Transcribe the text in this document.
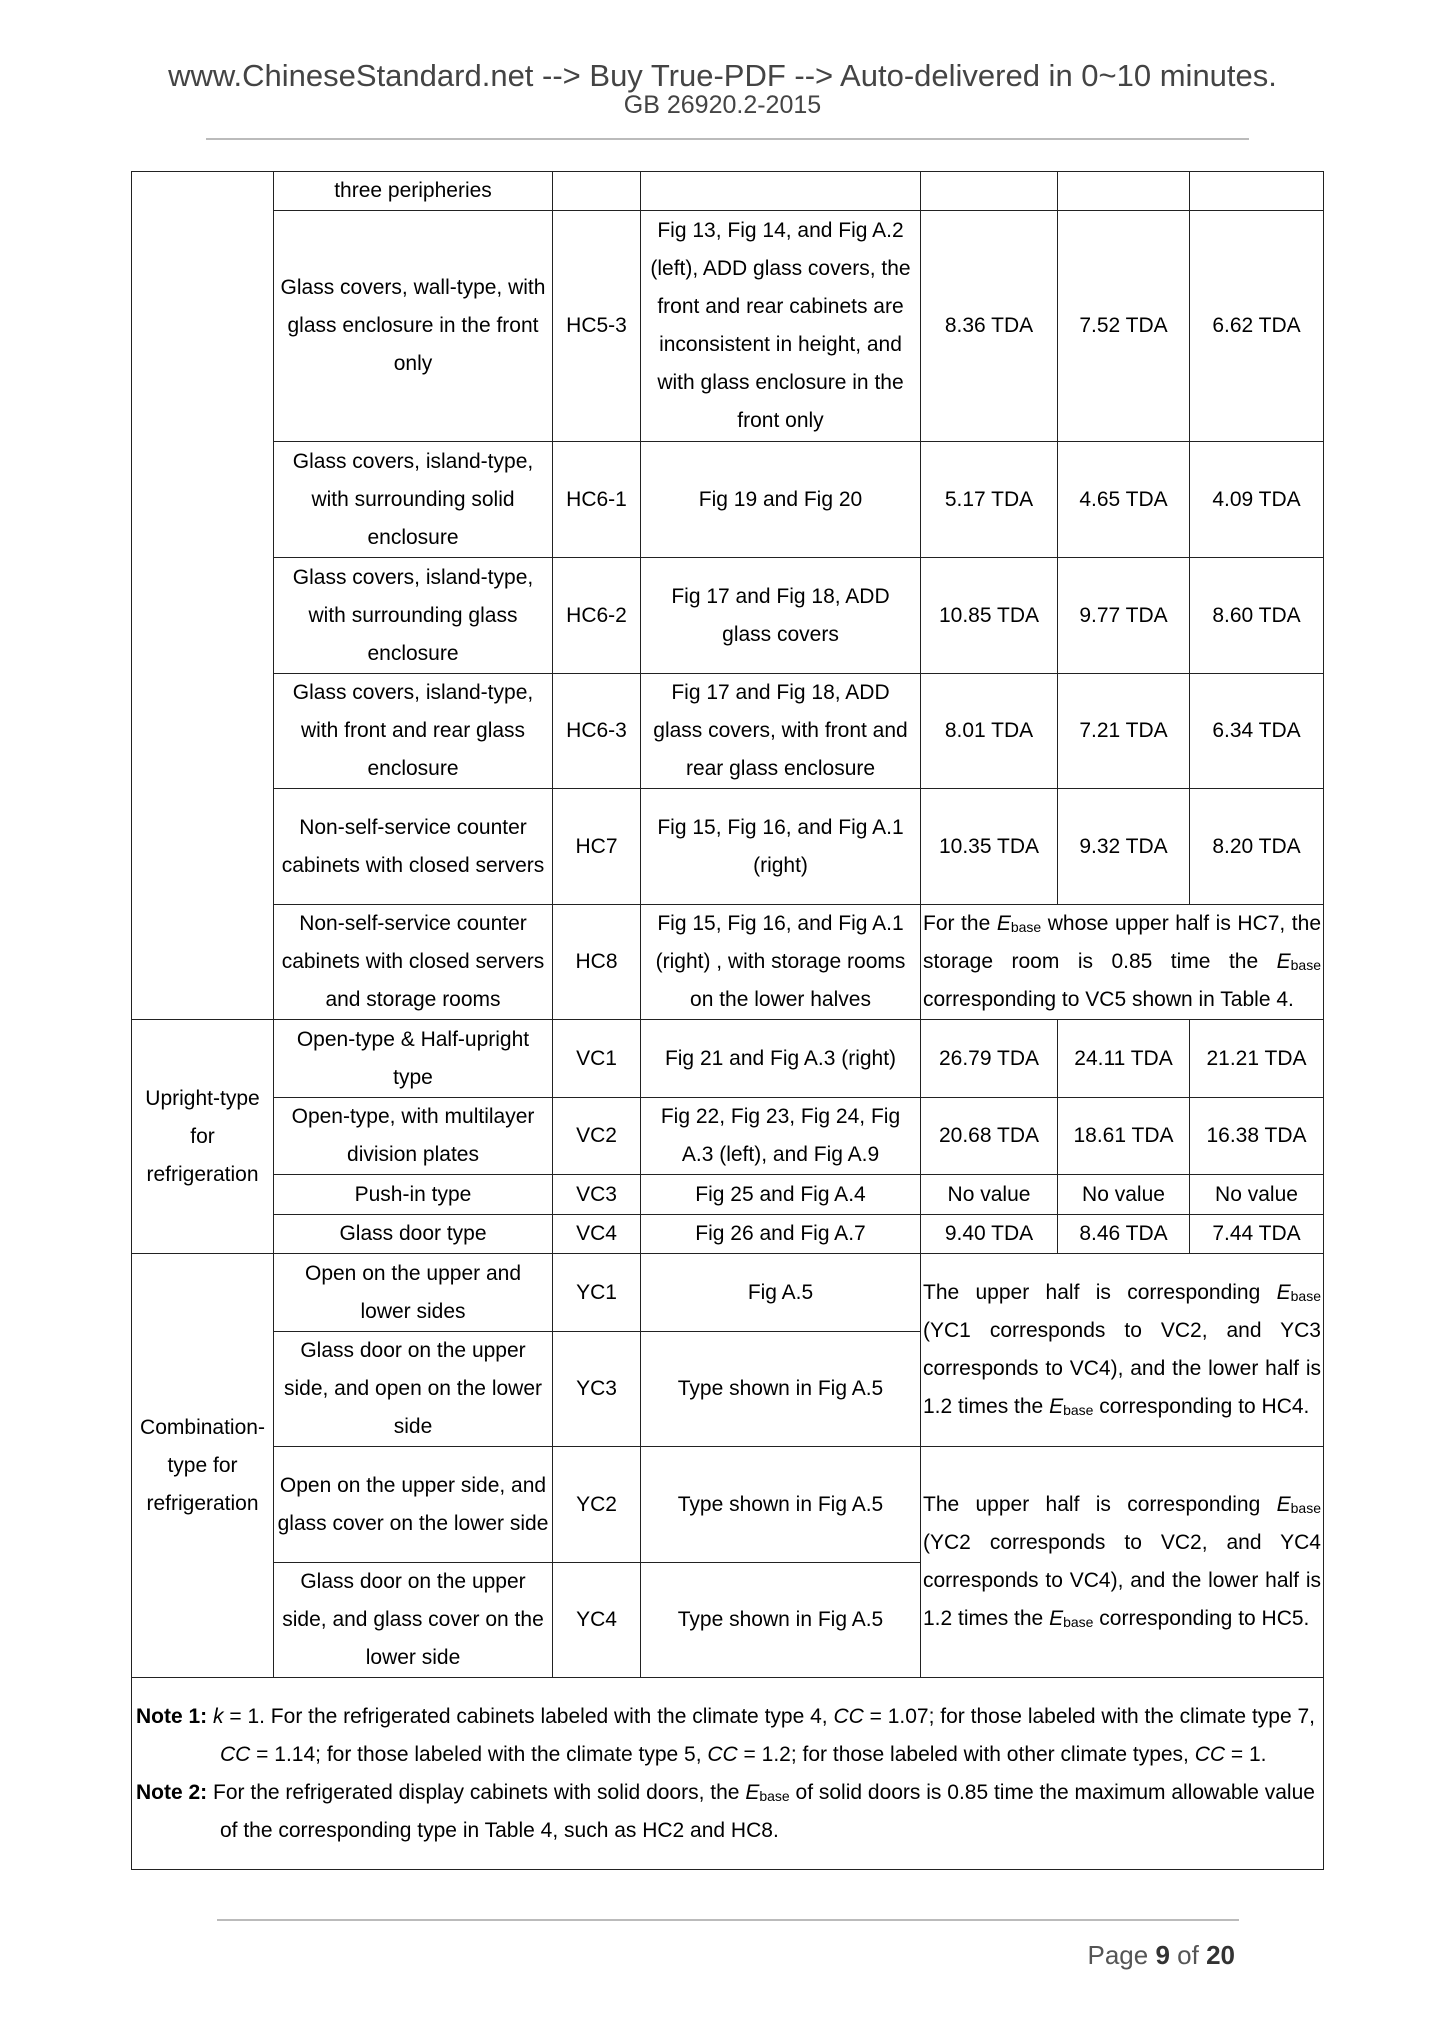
www.ChineseStandard.net --> Buy True-PDF --> Auto-delivered in 0~10 minutes.
GB 26920.2-2015
	three peripheries					
	Glass covers, wall-type, with glass enclosure in the front only	HC5-3	Fig 13, Fig 14, and Fig A.2 (left), ADD glass covers, the front and rear cabinets are inconsistent in height, and with glass enclosure in the front only	8.36 TDA	7.52 TDA	6.62 TDA
	Glass covers, island-type, with surrounding solid enclosure	HC6-1	Fig 19 and Fig 20	5.17 TDA	4.65 TDA	4.09 TDA
	Glass covers, island-type, with surrounding glass enclosure	HC6-2	Fig 17 and Fig 18, ADD glass covers	10.85 TDA	9.77 TDA	8.60 TDA
	Glass covers, island-type, with front and rear glass enclosure	HC6-3	Fig 17 and Fig 18, ADD glass covers, with front and rear glass enclosure	8.01 TDA	7.21 TDA	6.34 TDA
	Non-self-service counter cabinets with closed servers	HC7	Fig 15, Fig 16, and Fig A.1 (right)	10.35 TDA	9.32 TDA	8.20 TDA
	Non-self-service counter cabinets with closed servers and storage rooms	HC8	Fig 15, Fig 16, and Fig A.1 (right) , with storage rooms on the lower halves	For the $E_{base}$ whose upper half is HC7, the storage room is 0.85 time the $E_{base}$ corresponding to VC5 shown in Table 4.		
Upright-type for refrigeration	Open-type & Half-upright type	VC1	Fig 21 and Fig A.3 (right)	26.79 TDA	24.11 TDA	21.21 TDA
	Open-type, with multilayer division plates	VC2	Fig 22, Fig 23, Fig 24, Fig A.3 (left), and Fig A.9	20.68 TDA	18.61 TDA	16.38 TDA
	Push-in type	VC3	Fig 25 and Fig A.4	No value	No value	No value
	Glass door type	VC4	Fig 26 and Fig A.7	9.40 TDA	8.46 TDA	7.44 TDA
Combination-type for refrigeration	Open on the upper and lower sides	YC1	Fig A.5	The upper half is corresponding $E_{base}$ (YC1 corresponds to VC2, and YC3 corresponds to VC4), and the lower half is 1.2 times the $E_{base}$ corresponding to HC4.		
	Glass door on the upper side, and open on the lower side	YC3	Type shown in Fig A.5			
	Open on the upper side, and glass cover on the lower side	YC2	Type shown in Fig A.5	The upper half is corresponding $E_{base}$ (YC2 corresponds to VC2, and YC4 corresponds to VC4), and the lower half is 1.2 times the $E_{base}$ corresponding to HC5.		
	Glass door on the upper side, and glass cover on the lower side	YC4	Type shown in Fig A.5			

Note 1: k = 1. For the refrigerated cabinets labeled with the climate type 4, CC = 1.07; for those labeled with the climate type 7, CC = 1.14; for those labeled with the climate type 5, CC = 1.2; for those labeled with other climate types, CC = 1.
Note 2: For the refrigerated display cabinets with solid doors, the $E_{base}$ of solid doors is 0.85 time the maximum allowable value of the corresponding type in Table 4, such as HC2 and HC8.						
Page 9 of 20
